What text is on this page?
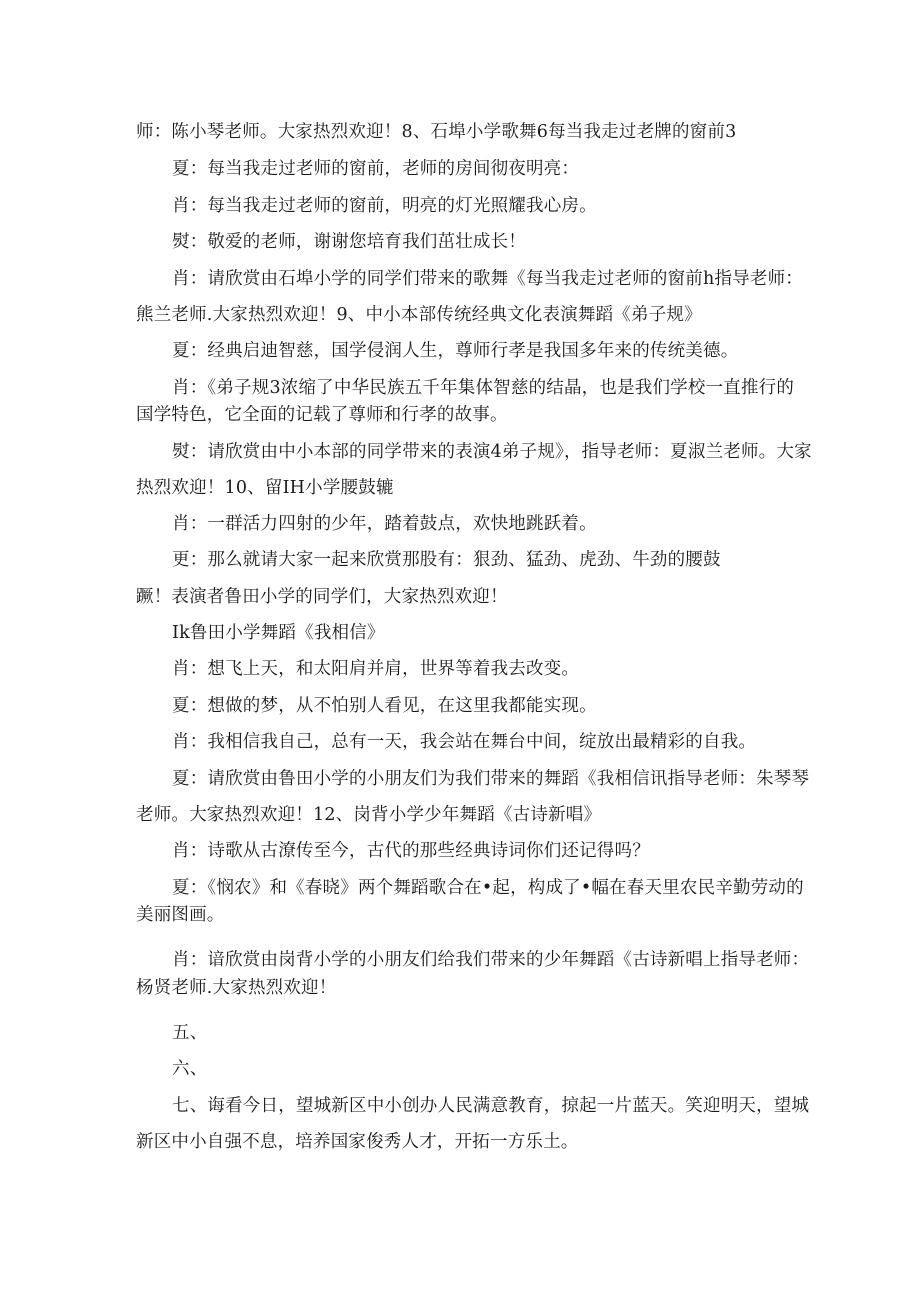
师：陈小琴老师。大家热烈欢迎！8、石埠小学歌舞6每当我走过老牌的窗前3
夏：每当我走过老师的窗前，老师的房间彻夜明亮：
肖：每当我走过老师的窗前，明亮的灯光照耀我心房。
熨：敬爱的老师，谢谢您培育我们茁壮成长！
肖：请欣赏由石埠小学的同学们带来的歌舞《每当我走过老师的窗前h指导老师：
熊兰老师.大家热烈欢迎！9、中小本部传统经典文化表演舞蹈《弟子规》
夏：经典启迪智慈，国学侵润人生，尊师行孝是我国多年来的传统美德。
肖：《弟子规3浓缩了中华民族五千年集体智慈的结晶，也是我们学校一直推行的
国学特色，它全面的记载了尊师和行孝的故事。
熨：请欣赏由中小本部的同学带来的表演4弟子规》，指导老师：夏淑兰老师。大家
热烈欢迎！10、留IH小学腰鼓辘
肖：一群活力四射的少年，踏着鼓点，欢快地跳跃着。
更：那么就请大家一起来欣赏那股有：狠劲、猛劲、虎劲、牛劲的腰鼓
蹶！表演者鲁田小学的同学们，大家热烈欢迎！
Ik鲁田小学舞蹈《我相信》
肖：想飞上天，和太阳肩并肩，世界等着我去改变。
夏：想做的梦，从不怕别人看见，在这里我都能实现。
肖：我相信我自己，总有一天，我会站在舞台中间，绽放出最精彩的自我。
夏：请欣赏由鲁田小学的小朋友们为我们带来的舞蹈《我相信讯指导老师：朱琴琴
老师。大家热烈欢迎！12、岗背小学少年舞蹈《古诗新唱》
肖：诗歌从古潦传至今，古代的那些经典诗词你们还记得吗？
夏：《悯农》和《春晓》两个舞蹈歌合在•起，构成了•幅在春天里农民辛勤劳动的
美丽图画。
肖：谙欣赏由岗背小学的小朋友们给我们带来的少年舞蹈《古诗新唱上指导老师：
杨贤老师.大家热烈欢迎！
五、
六、
七、诲看今日，望城新区中小创办人民满意教育，掠起一片蓝天。笑迎明天，望城
新区中小自强不息，培养国家俊秀人才，开拓一方乐土。
